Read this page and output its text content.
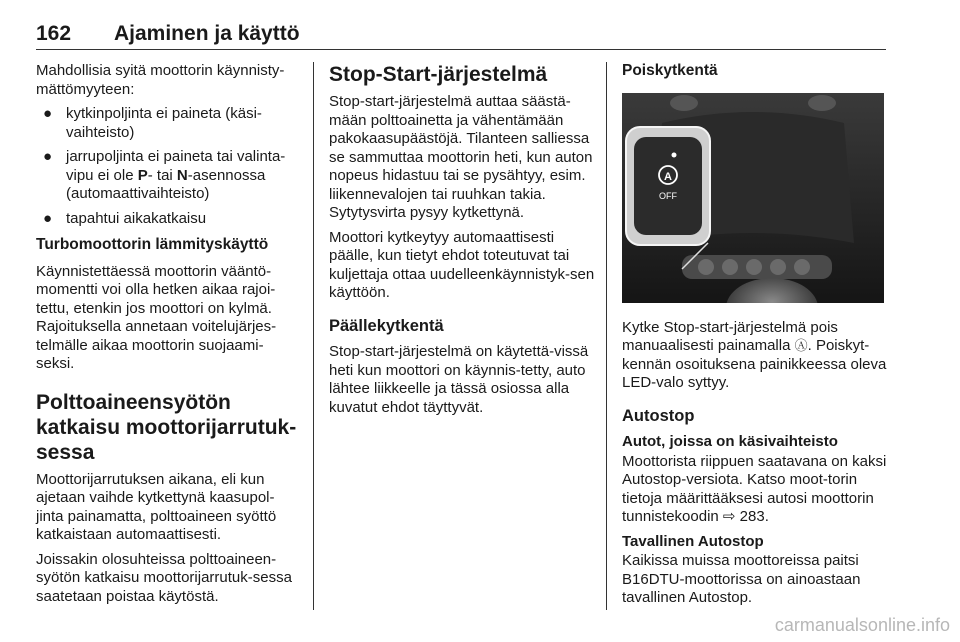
162 Ajaminen ja käyttö

Mahdollisia syitä moottorin käynnisty-mättömyyteen:

● kytkinpoljinta ei paineta (käsi-vaihteisto)
● jarrupoljinta ei paineta tai valinta-vipu ei ole P- tai N-asennossa (automaattivaihteisto)
● tapahtui aikakatkaisu
Turbomoottorin lämmityskäyttö

Käynnistettäessä moottorin vääntö-momentti voi olla hetken aikaa rajoi-tettu, etenkin jos moottori on kylmä. Rajoituksella annetaan voitelujärjes-telmälle aikaa moottorin suojaami-seksi.

Polttoaineensyötön katkaisu moottorijarrutuk-sessa

Moottorijarrutuksen aikana, eli kun ajetaan vaihde kytkettynä kaasupol-jinta painamatta, polttoaineen syöttö katkaistaan automaattisesti.

Joissakin olosuhteissa polttoaineen-syötön katkaisu moottorijarrutuk-sessa saatetaan poistaa käytöstä.

Stop-Start-järjestelmä

Stop-start-järjestelmä auttaa säästä-mään polttoainetta ja vähentämään pakokaasupäästöjä. Tilanteen salliessa se sammuttaa moottorin heti, kun auton nopeus hidastuu tai se pysähtyy, esim. liikennevalojen tai ruuhkan takia. Sytytysvirta pysyy kytkettynä.

Moottori kytkeytyy automaattisesti päälle, kun tietyt ehdot toteutuvat tai kuljettaja ottaa uudelleenkäynnistyk-sen käyttöön.

Päällekytkentä

Stop-start-järjestelmä on käytettä-vissä heti kun moottori on käynnis-tetty, auto lähtee liikkeelle ja tässä osiossa alla kuvatut ehdot täyttyvät.

Poiskytkentä
A
OFF

Kytke Stop-start-järjestelmä pois manuaalisesti painamalla Ⓐ. Poiskyt-kennän osoituksena painikkeessa oleva LED-valo syttyy.

Autostop
Autot, joissa on käsivaihteisto

Moottorista riippuen saatavana on kaksi Autostop-versiota. Katso moot-torin tietoja määrittääksesi autosi moottorin tunnistekoodin ⇨ 283.

Tavallinen Autostop

Kaikissa muissa moottoreissa paitsi B16DTU-moottorissa on ainoastaan tavallinen Autostop.

carmanualsonline.info
